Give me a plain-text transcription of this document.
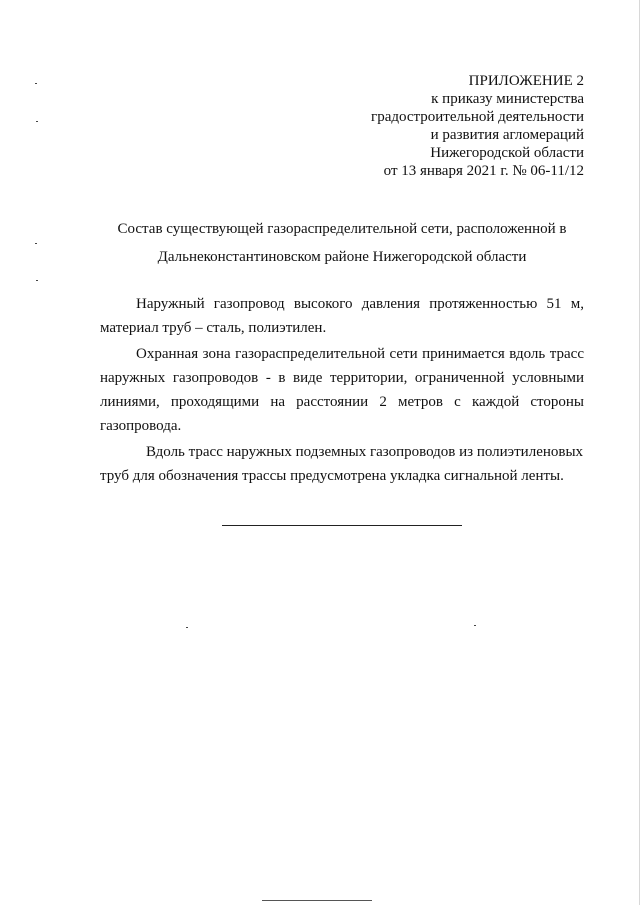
ПРИЛОЖЕНИЕ 2
к приказу министерства
градостроительной деятельности
и развития агломераций
Нижегородской области
от 13 января 2021 г. № 06-11/12
Состав существующей газораспределительной сети, расположенной в
Дальнеконстантиновском районе Нижегородской области
Наружный газопровод высокого давления протяженностью 51 м, материал труб – сталь, полиэтилен.
Охранная зона газораспределительной сети принимается вдоль трасс наружных газопроводов - в виде территории, ограниченной условными линиями, проходящими на расстоянии 2 метров с каждой стороны газопровода.
Вдоль трасс наружных подземных газопроводов из полиэтиленовых труб для обозначения трассы предусмотрена укладка сигнальной ленты.
